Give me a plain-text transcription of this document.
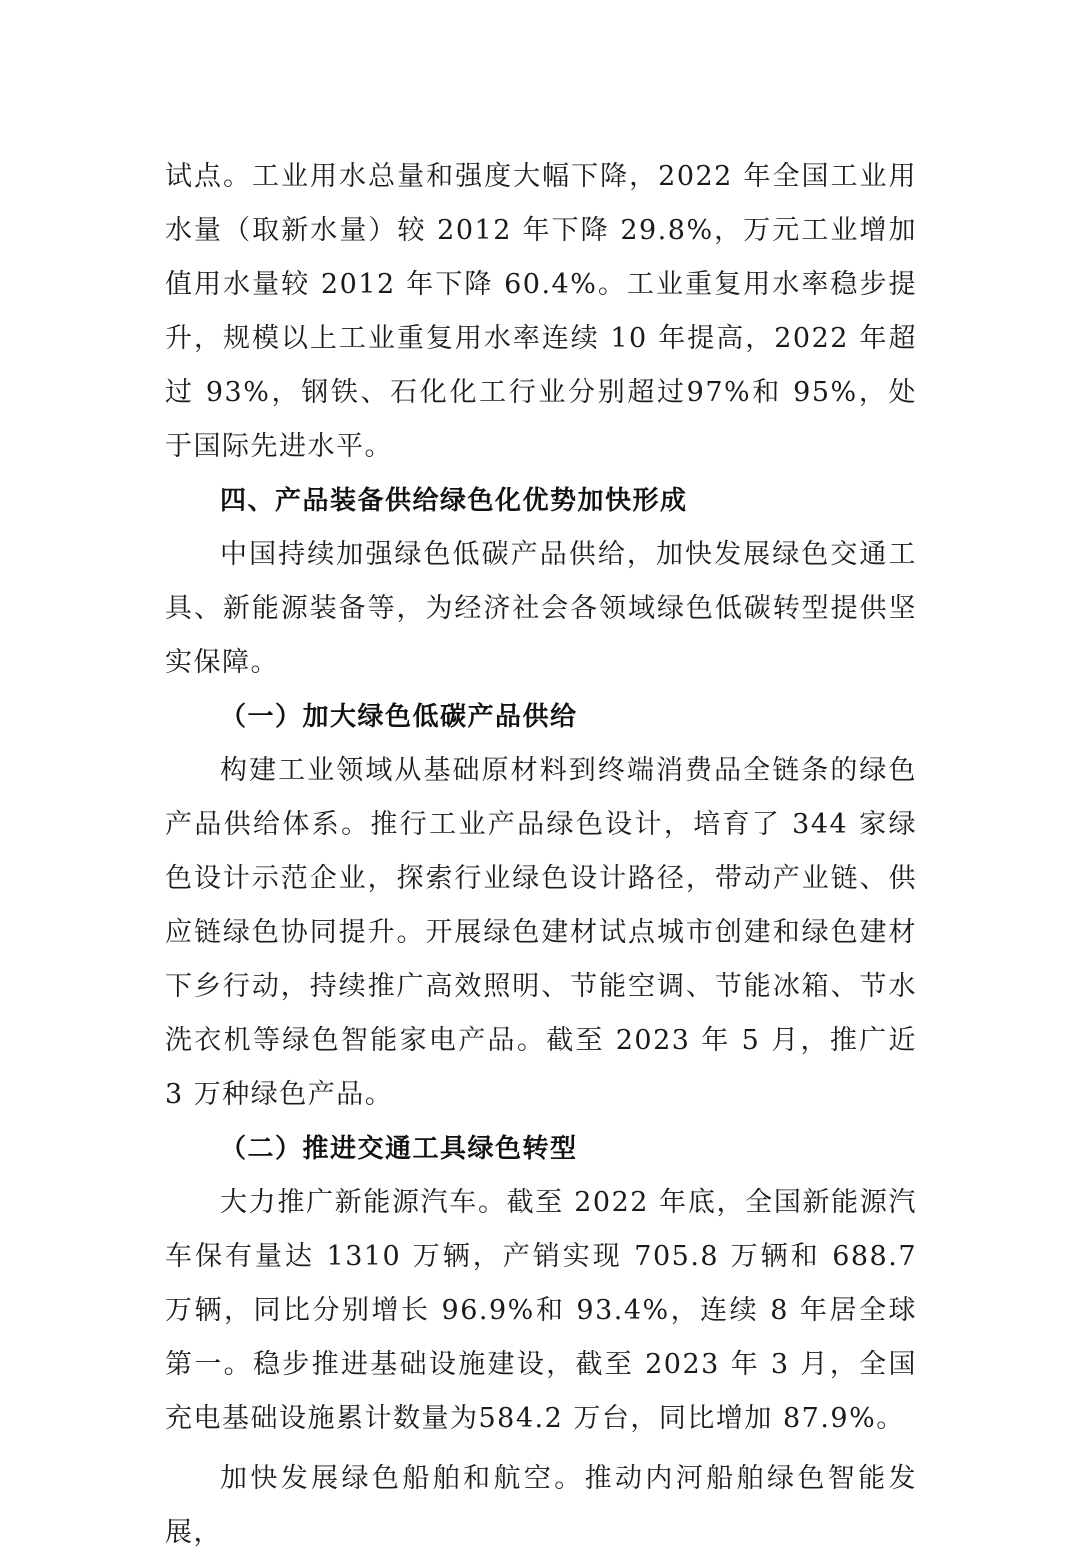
试点。工业用水总量和强度大幅下降，2022 年全国工业用水量（取新水量）较 2012 年下降 29.8%，万元工业增加值用水量较 2012 年下降 60.4%。工业重复用水率稳步提升，规模以上工业重复用水率连续 10 年提高，2022 年超过 93%，钢铁、石化化工行业分别超过97%和 95%，处于国际先进水平。

四、产品装备供给绿色化优势加快形成

中国持续加强绿色低碳产品供给，加快发展绿色交通工具、新能源装备等，为经济社会各领域绿色低碳转型提供坚实保障。

（一）加大绿色低碳产品供给

构建工业领域从基础原材料到终端消费品全链条的绿色产品供给体系。推行工业产品绿色设计，培育了 344 家绿色设计示范企业，探索行业绿色设计路径，带动产业链、供应链绿色协同提升。开展绿色建材试点城市创建和绿色建材下乡行动，持续推广高效照明、节能空调、节能冰箱、节水洗衣机等绿色智能家电产品。截至 2023 年 5 月，推广近 3 万种绿色产品。

（二）推进交通工具绿色转型

大力推广新能源汽车。截至 2022 年底，全国新能源汽车保有量达 1310 万辆，产销实现 705.8 万辆和 688.7 万辆，同比分别增长 96.9%和 93.4%，连续 8 年居全球第一。稳步推进基础设施建设，截至 2023 年 3 月，全国充电基础设施累计数量为584.2 万台，同比增加 87.9%。

加快发展绿色船舶和航空。推动内河船舶绿色智能发展，
